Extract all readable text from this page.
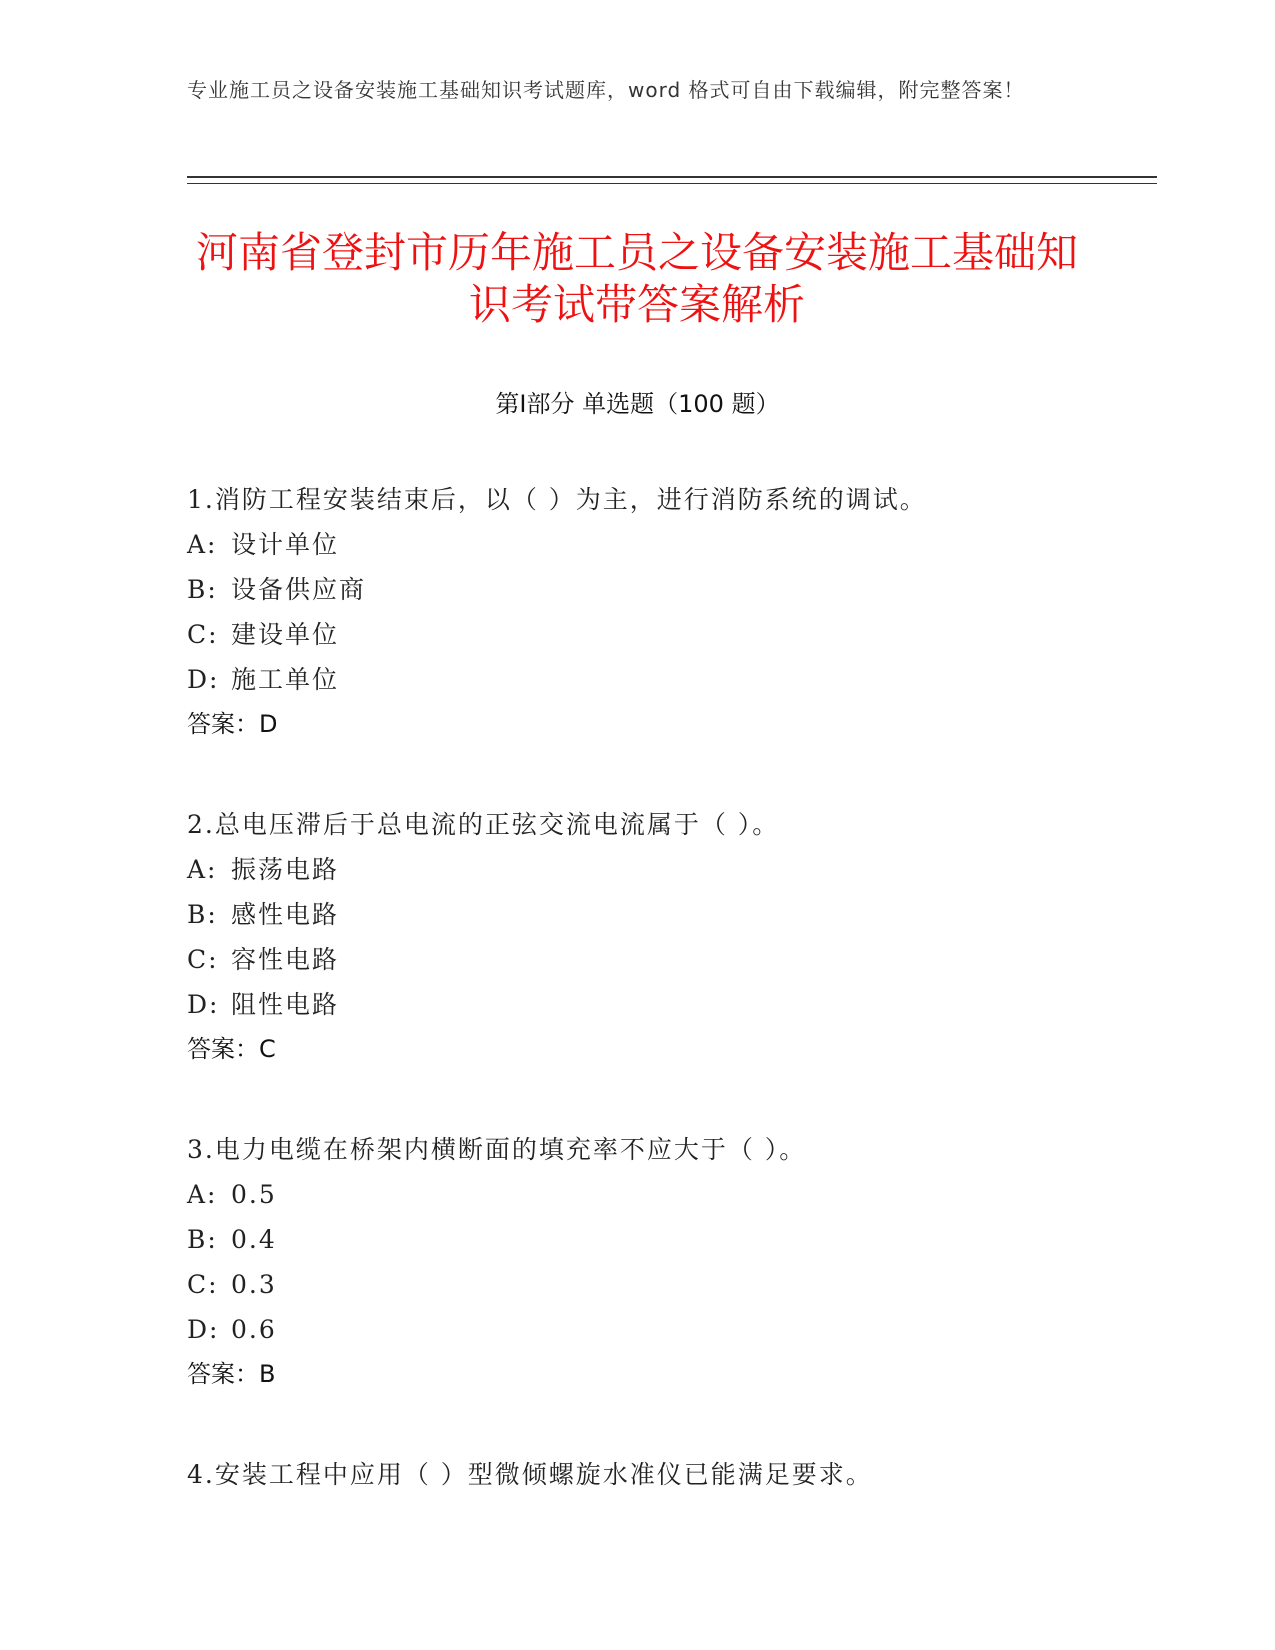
专业施工员之设备安装施工基础知识考试题库，word 格式可自由下载编辑，附完整答案！
河南省登封市历年施工员之设备安装施工基础知识考试带答案解析
第Ⅰ部分 单选题（100 题）
1.消防工程安装结束后，以（ ）为主，进行消防系统的调试。
A: 设计单位
B: 设备供应商
C: 建设单位
D: 施工单位
答案：D
2.总电压滞后于总电流的正弦交流电流属于（ ）。
A: 振荡电路
B: 感性电路
C: 容性电路
D: 阻性电路
答案：C
3.电力电缆在桥架内横断面的填充率不应大于（ ）。
A: 0.5
B: 0.4
C: 0.3
D: 0.6
答案：B
4.安装工程中应用（ ）型微倾螺旋水准仪已能满足要求。
